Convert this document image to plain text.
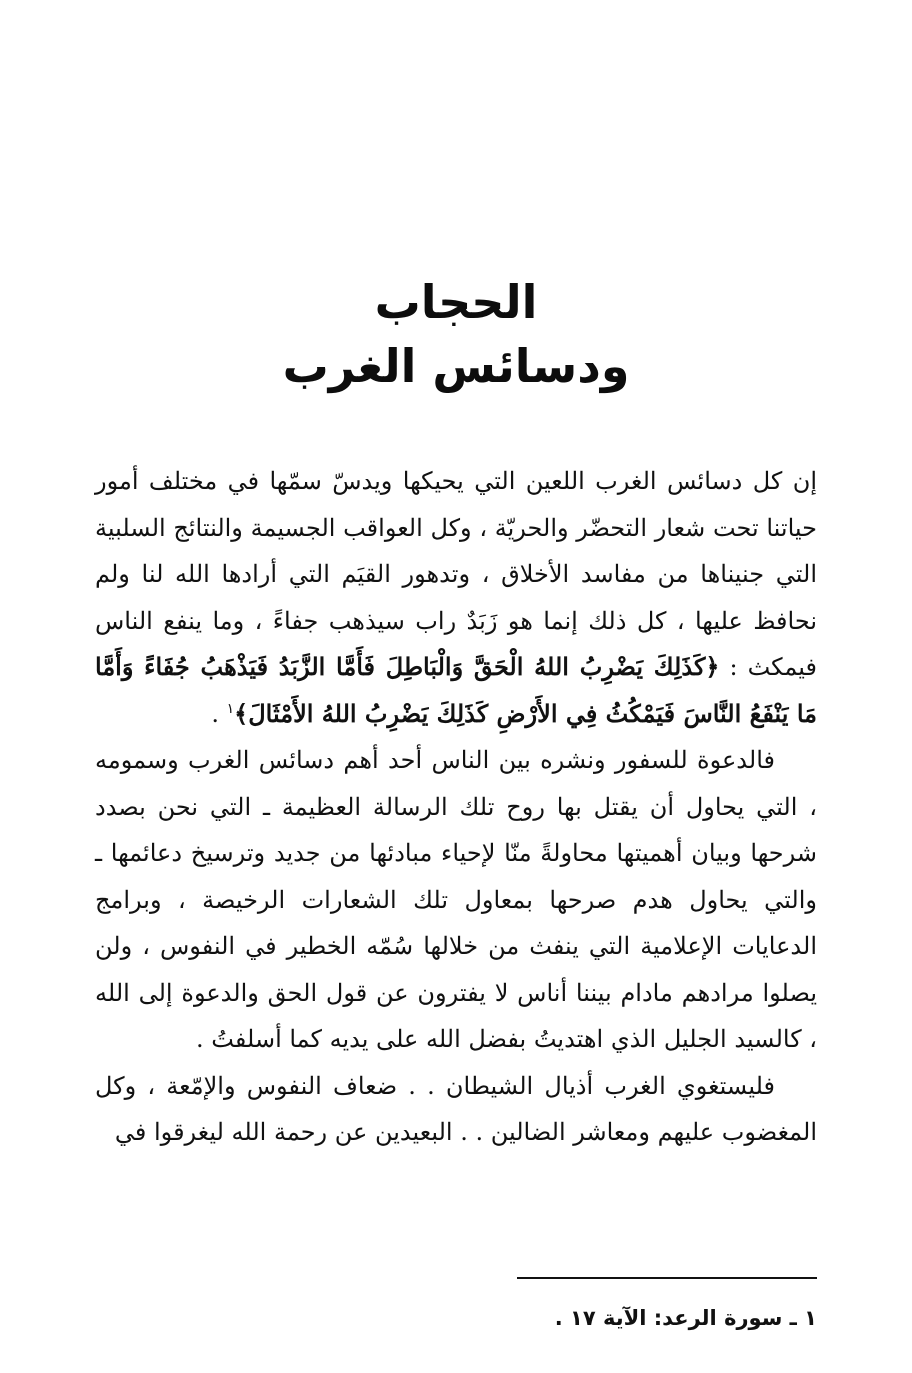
الحجاب
ودسائس الغرب

إن كل دسائس الغرب اللعين التي يحيكها ويدسّ سمّها في مختلف أمور حياتنا تحت شعار التحضّر والحريّة ، وكل العواقب الجسيمة والنتائج السلبية التي جنيناها من مفاسد الأخلاق ، وتدهور القيَم التي أرادها الله لنا ولم نحافظ عليها ، كل ذلك إنما هو زَبَدٌ راب سيذهب جفاءً ، وما ينفع الناس فيمكث : ﴿كَذَلِكَ يَضْرِبُ اللهُ الْحَقَّ وَالْبَاطِلَ فَأَمَّا الزَّبَدُ فَيَذْهَبُ جُفَاءً وَأَمَّا مَا يَنْفَعُ النَّاسَ فَيَمْكُثُ فِي الأَرْضِ كَذَلِكَ يَضْرِبُ اللهُ الأَمْثَالَ﴾$^١$ .

فالدعوة للسفور ونشره بين الناس أحد أهم دسائس الغرب وسمومه ، التي يحاول أن يقتل بها روح تلك الرسالة العظيمة ـ التي نحن بصدد شرحها وبيان أهميتها محاولةً منّا لإحياء مبادئها من جديد وترسيخ دعائمها ـ والتي يحاول هدم صرحها بمعاول تلك الشعارات الرخيصة ، وبرامج الدعايات الإعلامية التي ينفث من خلالها سُمّه الخطير في النفوس ، ولن يصلوا مرادهم مادام بيننا أناس لا يفترون عن قول الحق والدعوة إلى الله ، كالسيد الجليل الذي اهتديتُ بفضل الله على يديه كما أسلفتُ .

فليستغوي الغرب أذيال الشيطان . . ضعاف النفوس والإمّعة ، وكل المغضوب عليهم ومعاشر الضالين . . البعيدين عن رحمة الله ليغرقوا في

١ ـ سورة الرعد: الآية ١٧ .
